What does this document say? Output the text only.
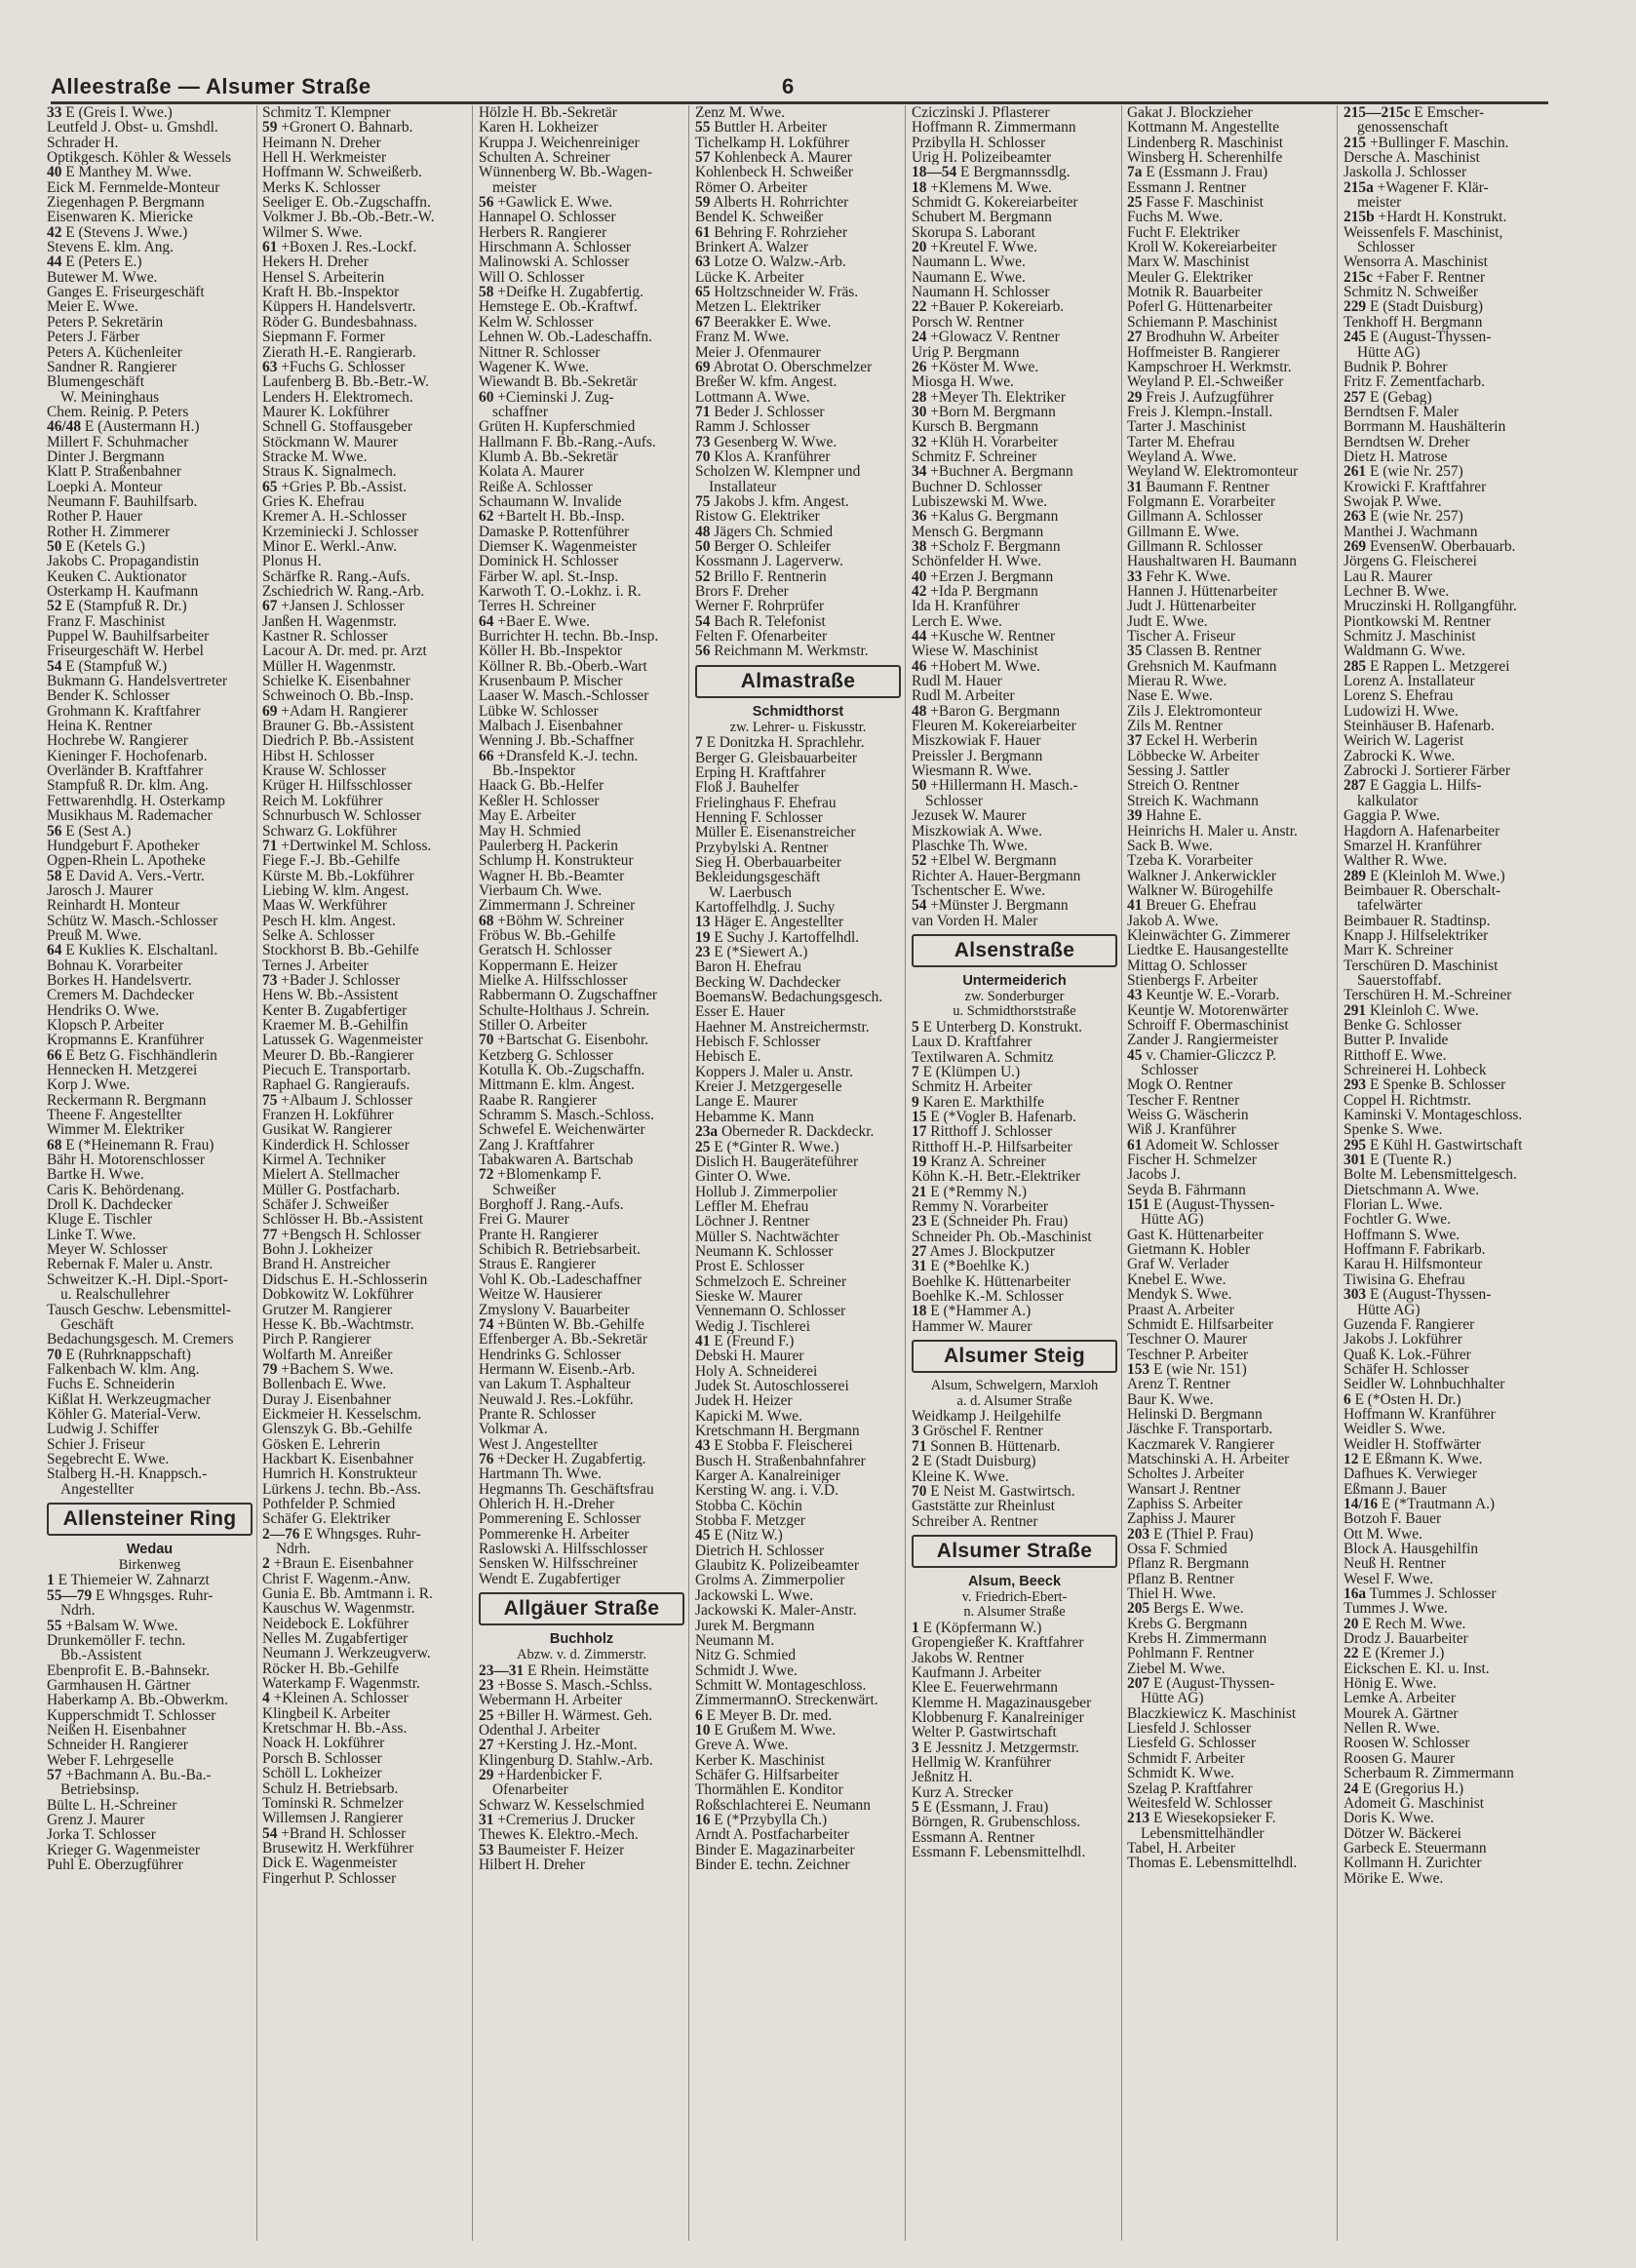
Alleestraße — Alsumer Straße	6
33 E (Greis I. Wwe.)
Leutfeld J. Obst- u. Gmshdl.
Schrader H.
Optikgesch. Köhler & Wessels
40 E Manthey M. Wwe.
Eick M. Fernmelde-Monteur
Ziegenhagen P. Bergmann
Eisenwaren K. Miericke
42 E (Stevens J. Wwe.)
Stevens E. klm. Ang.
44 E (Peters E.)
Butewer M. Wwe.
Ganges E. Friseurgeschäft
Meier E. Wwe.
Peters P. Sekretärin
Peters J. Färber
Peters A. Küchenleiter
Sandner R. Rangierer
Blumengeschäft
W. Meininghaus
Chem. Reinig. P. Peters
46/48 E (Austermann H.)
Millert F. Schuhmacher
Dinter J. Bergmann
Klatt P. Straßenbahner
Loepki A. Monteur
Neumann F. Bauhilfsarb.
Rother P. Hauer
Rother H. Zimmerer
50 E (Ketels G.)
Jakobs C. Propagandistin
Keuken C. Auktionator
Osterkamp H. Kaufmann
52 E (Stampfuß R. Dr.)
Franz F. Maschinist
Puppel W. Bauhilfsarbeiter
Friseurgeschäft W. Herbel
54 E (Stampfuß W.)
Bukmann G. Handelsvertreter
Bender K. Schlosser
Grohmann K. Kraftfahrer
Heina K. Rentner
Hochrebe W. Rangierer
Kieninger F. Hochofenarb.
Overländer B. Kraftfahrer
Stampfuß R. Dr. klm. Ang.
Fettwarenhdlg. H. Osterkamp
Musikhaus M. Rademacher
56 E (Sest A.)
Hundgeburt F. Apotheker
Ogpen-Rhein L. Apotheke
58 E David A. Vers.-Vertr.
Jarosch J. Maurer
Reinhardt H. Monteur
Schütz W. Masch.-Schlosser
Preuß M. Wwe.
64 E Kuklies K. Elschaltanl.
Bohnau K. Vorarbeiter
Borkes H. Handelsvertr.
Cremers M. Dachdecker
Hendriks O. Wwe.
Klopsch P. Arbeiter
Kropmanns E. Kranführer
66 E Betz G. Fischhändlerin
Hennecken H. Metzgerei
Korp J. Wwe.
Reckermann R. Bergmann
Theene F. Angestellter
Wimmer M. Elektriker
68 E (*Heinemann R. Frau)
Bähr H. Motorenschlosser
Bartke H. Wwe.
Caris K. Behördenang.
Droll K. Dachdecker
Kluge E. Tischler
Linke T. Wwe.
Meyer W. Schlosser
Rebernak F. Maler u. Anstr.
Schweitzer K.-H. Dipl.-Sport-
u. Realschullehrer
Tausch Geschw. Lebensmittel-
Geschäft
Bedachungsgesch. M. Cremers
70 E (Ruhrknappschaft)
Falkenbach W. klm. Ang.
Fuchs E. Schneiderin
Kißlat H. Werkzeugmacher
Köhler G. Material-Verw.
Ludwig J. Schiffer
Schier J. Friseur
Segebrecht E. Wwe.
Stalberg H.-H. Knappsch.-
Angestellter
Allensteiner Ring
Wedau
Birkenweg
1 E Thiemeier W. Zahnarzt
55—79 E Whngsges. Ruhr-
Ndrh.
55 +Balsam W. Wwe.
Drunkemöller F. techn.
Bb.-Assistent
Ebenprofit E. B.-Bahnsekr.
Garmhausen H. Gärtner
Haberkamp A. Bb.-Obwerkm.
Kupperschmidt T. Schlosser
Neißen H. Eisenbahner
Schneider H. Rangierer
Weber F. Lehrgeselle
57 +Bachmann A. Bu.-Ba.-
Betriebsinsp.
Bülte L. H.-Schreiner
Grenz J. Maurer
Jorka T. Schlosser
Krieger G. Wagenmeister
Puhl E. Oberzugführer
Schmitz T. Klempner
59 +Gronert O. Bahnarb.
Heimann N. Dreher
Hell H. Werkmeister
Hoffmann W. Schweißerb.
Merks K. Schlosser
Seeliger E. Ob.-Zugschaffn.
Volkmer J. Bb.-Ob.-Betr.-W.
Wilmer S. Wwe.
61 +Boxen J. Res.-Lockf.
Hekers H. Dreher
Hensel S. Arbeiterin
Kraft H. Bb.-Inspektor
Küppers H. Handelsvertr.
Röder G. Bundesbahnass.
Siepmann F. Former
Zierath H.-E. Rangierarb.
63 +Fuchs G. Schlosser
Laufenberg B. Bb.-Betr.-W.
Lenders H. Elektromech.
Maurer K. Lokführer
Schnell G. Stoffausgeber
Stöckmann W. Maurer
Stracke M. Wwe.
Straus K. Signalmech.
65 +Gries P. Bb.-Assist.
Gries K. Ehefrau
Kremer A. H.-Schlosser
Krzeminiecki J. Schlosser
Minor E. Werkl.-Anw.
Plonus H.
Schärfke R. Rang.-Aufs.
Zschiedrich W. Rang.-Arb.
67 +Jansen J. Schlosser
Janßen H. Wagenmstr.
Kastner R. Schlosser
Lacour A. Dr. med. pr. Arzt
Müller H. Wagenmstr.
Schielke K. Eisenbahner
Schweinoch O. Bb.-Insp.
69 +Adam H. Rangierer
Brauner G. Bb.-Assistent
Diedrich P. Bb.-Assistent
Hibst H. Schlosser
Krause W. Schlosser
Krüger H. Hilfsschlosser
Reich M. Lokführer
Schnurbusch W. Schlosser
Schwarz G. Lokführer
71 +Dertwinkel M. Schloss.
Fiege F.-J. Bb.-Gehilfe
Kürste M. Bb.-Lokführer
Liebing W. klm. Angest.
Maas W. Werkführer
Pesch H. klm. Angest.
Selke A. Schlosser
Stockhorst B. Bb.-Gehilfe
Ternes J. Arbeiter
73 +Bader J. Schlosser
Hens W. Bb.-Assistent
Kenter B. Zugabfertiger
Kraemer M. B.-Gehilfin
Latussek G. Wagenmeister
Meurer D. Bb.-Rangierer
Piecuch E. Transportarb.
Raphael G. Rangieraufs.
75 +Albaum J. Schlosser
Franzen H. Lokführer
Gusikat W. Rangierer
Kinderdick H. Schlosser
Kirmel A. Techniker
Mielert A. Stellmacher
Müller G. Postfacharb.
Schäfer J. Schweißer
Schlösser H. Bb.-Assistent
77 +Bengsch H. Schlosser
Bohn J. Lokheizer
Brand H. Anstreicher
Didschus E. H.-Schlosserin
Dobkowitz W. Lokführer
Grutzer M. Rangierer
Hesse K. Bb.-Wachtmstr.
Pirch P. Rangierer
Wolfarth M. Anreißer
79 +Bachem S. Wwe.
Bollenbach E. Wwe.
Duray J. Eisenbahner
Eickmeier H. Kesselschm.
Glenszyk G. Bb.-Gehilfe
Gösken E. Lehrerin
Hackbart K. Eisenbahner
Humrich H. Konstrukteur
Lürkens J. techn. Bb.-Ass.
Pothfelder P. Schmied
Schäfer G. Elektriker
2—76 E Whngsges. Ruhr-
Ndrh.
2 +Braun E. Eisenbahner
Christ F. Wagenm.-Anw.
Gunia E. Bb. Amtmann i. R.
Kauschus W. Wagenmstr.
Neidebock E. Lokführer
Nelles M. Zugabfertiger
Neumann J. Werkzeugverw.
Röcker H. Bb.-Gehilfe
Waterkamp F. Wagenmstr.
4 +Kleinen A. Schlosser
Klingbeil K. Arbeiter
Kretschmar H. Bb.-Ass.
Noack H. Lokführer
Porsch B. Schlosser
Schöll L. Lokheizer
Schulz H. Betriebsarb.
Tominski R. Schmelzer
Willemsen J. Rangierer
54 +Brand H. Schlosser
Brusewitz H. Werkführer
Dick E. Wagenmeister
Fingerhut P. Schlosser
Hölzle H. Bb.-Sekretär
Karen H. Lokheizer
Kruppa J. Weichenreiniger
Schulten A. Schreiner
Wünnenberg W. Bb.-Wagen-
meister
56 +Gawlick E. Wwe.
Hannapel O. Schlosser
Herbers R. Rangierer
Hirschmann A. Schlosser
Malinowski A. Schlosser
Will O. Schlosser
58 +Deifke H. Zugabfertig.
Hemstege E. Ob.-Kraftwf.
Kelm W. Schlosser
Lehnen W. Ob.-Ladeschaffn.
Nittner R. Schlosser
Wagener K. Wwe.
Wiewandt B. Bb.-Sekretär
60 +Cieminski J. Zug-
schaffner
Grüten H. Kupferschmied
Hallmann F. Bb.-Rang.-Aufs.
Klumb A. Bb.-Sekretär
Kolata A. Maurer
Reiße A. Schlosser
Schaumann W. Invalide
62 +Bartelt H. Bb.-Insp.
Damaske P. Rottenführer
Diemser K. Wagenmeister
Dominick H. Schlosser
Färber W. apl. St.-Insp.
Karwoth T. O.-Lokhz. i. R.
Terres H. Schreiner
64 +Baer E. Wwe.
Burrichter H. techn. Bb.-Insp.
Köller H. Bb.-Inspektor
Köllner R. Bb.-Oberb.-Wart
Krusenbaum P. Mischer
Laaser W. Masch.-Schlosser
Lübke W. Schlosser
Malbach J. Eisenbahner
Wenning J. Bb.-Schaffner
66 +Dransfeld K.-J. techn.
Bb.-Inspektor
Haack G. Bb.-Helfer
Keßler H. Schlosser
May E. Arbeiter
May H. Schmied
Paulerberg H. Packerin
Schlump H. Konstrukteur
Wagner H. Bb.-Beamter
Vierbaum Ch. Wwe.
Zimmermann J. Schreiner
68 +Böhm W. Schreiner
Fröbus W. Bb.-Gehilfe
Geratsch H. Schlosser
Koppermann E. Heizer
Mielke A. Hilfsschlosser
Rabbermann O. Zugschaffner
Schulte-Holthaus J. Schrein.
Stiller O. Arbeiter
70 +Bartschat G. Eisenbohr.
Ketzberg G. Schlosser
Kotulla K. Ob.-Zugschaffn.
Mittmann E. klm. Angest.
Raabe R. Rangierer
Schramm S. Masch.-Schloss.
Schwefel E. Weichenwärter
Zang J. Kraftfahrer
Tabakwaren A. Bartschab
72 +Blomenkamp F.
Schweißer
Borghoff J. Rang.-Aufs.
Frei G. Maurer
Prante H. Rangierer
Schibich R. Betriebsarbeit.
Straus E. Rangierer
Vohl K. Ob.-Ladeschaffner
Weitze W. Hausierer
Zmyslony V. Bauarbeiter
74 +Bünten W. Bb.-Gehilfe
Effenberger A. Bb.-Sekretär
Hendrinks G. Schlosser
Hermann W. Eisenb.-Arb.
van Lakum T. Asphalteur
Neuwald J. Res.-Lokführ.
Prante R. Schlosser
Volkmar A.
West J. Angestellter
76 +Decker H. Zugabfertig.
Hartmann Th. Wwe.
Hegmanns Th. Geschäftsfrau
Ohlerich H. H.-Dreher
Pommerening E. Schlosser
Pommerenke H. Arbeiter
Raslowski A. Hilfsschlosser
Sensken W. Hilfsschreiner
Wendt E. Zugabfertiger
Allgäuer Straße
Buchholz
Abzw. v. d. Zimmerstr.
23—31 E Rhein. Heimstätte
23 +Bosse S. Masch.-Schlss.
Webermann H. Arbeiter
25 +Biller H. Wärmest. Geh.
Odenthal J. Arbeiter
27 +Kersting J. Hz.-Mont.
Klingenburg D. Stahlw.-Arb.
29 +Hardenbicker F.
Ofenarbeiter
Schwarz W. Kesselschmied
31 +Cremerius J. Drucker
Thewes K. Elektro.-Mech.
53 Baumeister F. Heizer
Hilbert H. Dreher
Zenz M. Wwe.
55 Buttler H. Arbeiter
Tichelkamp H. Lokführer
57 Kohlenbeck A. Maurer
Kohlenbeck H. Schweißer
Römer O. Arbeiter
59 Alberts H. Rohrrichter
Bendel K. Schweißer
61 Behring F. Rohrzieher
Brinkert A. Walzer
63 Lotze O. Walzw.-Arb.
Lücke K. Arbeiter
65 Holtzschneider W. Fräs.
Metzen L. Elektriker
67 Beerakker E. Wwe.
Franz M. Wwe.
Meier J. Ofenmaurer
69 Abrotat O. Oberschmelzer
Breßer W. kfm. Angest.
Lottmann A. Wwe.
71 Beder J. Schlosser
Ramm J. Schlosser
73 Gesenberg W. Wwe.
70 Klos A. Kranführer
Scholzen W. Klempner und
Installateur
75 Jakobs J. kfm. Angest.
Ristow G. Elektriker
48 Jägers Ch. Schmied
50 Berger O. Schleifer
Kossmann J. Lagerverw.
52 Brillo F. Rentnerin
Brors F. Dreher
Werner F. Rohrprüfer
54 Bach R. Telefonist
Felten F. Ofenarbeiter
56 Reichmann M. Werkmstr.
Almastraße
Schmidthorst
zw. Lehrer- u. Fiskusstr.
7 E Donitzka H. Sprachlehr.
Berger G. Gleisbauarbeiter
Erping H. Kraftfahrer
Floß J. Bauhelfer
Frielinghaus F. Ehefrau
Henning F. Schlosser
Müller E. Eisenanstreicher
Przybylski A. Rentner
Sieg H. Oberbauarbeiter
Bekleidungsgeschäft
W. Laerbusch
Kartoffelhdlg. J. Suchy
13 Häger E. Angestellter
19 E Suchy J. Kartoffelhdl.
23 E (*Siewert A.)
Baron H. Ehefrau
Becking W. Dachdecker
BoemansW. Bedachungsgesch.
Esser E. Hauer
Haehner M. Anstreichermstr.
Hebisch F. Schlosser
Hebisch E.
Koppers J. Maler u. Anstr.
Kreier J. Metzgergeselle
Lange E. Maurer
Hebamme K. Mann
23a Oberneder R. Dackdeckr.
25 E (*Ginter R. Wwe.)
Dislich H. Baugeräteführer
Ginter O. Wwe.
Hollub J. Zimmerpolier
Leffler M. Ehefrau
Löchner J. Rentner
Müller S. Nachtwächter
Neumann K. Schlosser
Prost E. Schlosser
Schmelzoch E. Schreiner
Sieske W. Maurer
Vennemann O. Schlosser
Wedig J. Tischlerei
41 E (Freund F.)
Debski H. Maurer
Holy A. Schneiderei
Judek St. Autoschlosserei
Judek H. Heizer
Kapicki M. Wwe.
Kretschmann H. Bergmann
43 E Stobba F. Fleischerei
Busch H. Straßenbahnfahrer
Karger A. Kanalreiniger
Kersting W. ang. i. V.D.
Stobba C. Köchin
Stobba F. Metzger
45 E (Nitz W.)
Dietrich H. Schlosser
Glaubitz K. Polizeibeamter
Grolms A. Zimmerpolier
Jackowski L. Wwe.
Jackowski K. Maler-Anstr.
Jurek M. Bergmann
Neumann M.
Nitz G. Schmied
Schmidt J. Wwe.
Schmitt W. Montageschloss.
ZimmermannO. Streckenwärt.
6 E Meyer B. Dr. med.
10 E Grußem M. Wwe.
Greve A. Wwe.
Kerber K. Maschinist
Schäfer G. Hilfsarbeiter
Thormählen E. Konditor
Roßschlachterei E. Neumann
16 E (*Przybylla Ch.)
Arndt A. Postfacharbeiter
Binder E. Magazinarbeiter
Binder E. techn. Zeichner
Cziczinski J. Pflasterer
Hoffmann R. Zimmermann
Przibylla H. Schlosser
Urig H. Polizeibeamter
18—54 E Bergmannssdlg.
18 +Klemens M. Wwe.
Schmidt G. Kokereiarbeiter
Schubert M. Bergmann
Skorupa S. Laborant
20 +Kreutel F. Wwe.
Naumann L. Wwe.
Naumann E. Wwe.
Naumann H. Schlosser
22 +Bauer P. Kokereiarb.
Porsch W. Rentner
24 +Glowacz V. Rentner
Urig P. Bergmann
26 +Köster M. Wwe.
Miosga H. Wwe.
28 +Meyer Th. Elektriker
30 +Born M. Bergmann
Kursch B. Bergmann
32 +Klüh H. Vorarbeiter
Schmitz F. Schreiner
34 +Buchner A. Bergmann
Buchner D. Schlosser
Lubiszewski M. Wwe.
36 +Kalus G. Bergmann
Mensch G. Bergmann
38 +Scholz F. Bergmann
Schönfelder H. Wwe.
40 +Erzen J. Bergmann
42 +Ida P. Bergmann
Ida H. Kranführer
Lerch E. Wwe.
44 +Kusche W. Rentner
Wiese W. Maschinist
46 +Hobert M. Wwe.
Rudl M. Hauer
Rudl M. Arbeiter
48 +Baron G. Bergmann
Fleuren M. Kokereiarbeiter
Miszkowiak F. Hauer
Preissler J. Bergmann
Wiesmann R. Wwe.
50 +Hillermann H. Masch.-
Schlosser
Jezusek W. Maurer
Miszkowiak A. Wwe.
Plaschke Th. Wwe.
52 +Elbel W. Bergmann
Richter A. Hauer-Bergmann
Tschentscher E. Wwe.
54 +Münster J. Bergmann
van Vorden H. Maler
Alsenstraße
Untermeiderich
zw. Sonderburger
u. Schmidthorststraße
5 E Unterberg D. Konstrukt.
Laux D. Kraftfahrer
Textilwaren A. Schmitz
7 E (Klümpen U.)
Schmitz H. Arbeiter
9 Karen E. Markthilfe
15 E (*Vogler B. Hafenarb.
17 Ritthoff J. Schlosser
Ritthoff H.-P. Hilfsarbeiter
19 Kranz A. Schreiner
Köhn K.-H. Betr.-Elektriker
21 E (*Remmy N.)
Remmy N. Vorarbeiter
23 E (Schneider Ph. Frau)
Schneider Ph. Ob.-Maschinist
27 Ames J. Blockputzer
31 E (*Boehlke K.)
Boehlke K. Hüttenarbeiter
Boehlke K.-M. Schlosser
18 E (*Hammer A.)
Hammer W. Maurer
Alsumer Steig
Alsum, Schwelgern, Marxloh
a. d. Alsumer Straße
Weidkamp J. Heilgehilfe
3 Gröschel F. Rentner
71 Sonnen B. Hüttenarb.
2 E (Stadt Duisburg)
Kleine K. Wwe.
70 E Neist M. Gastwirtsch.
Gaststätte zur Rheinlust
Schreiber A. Rentner
Alsumer Straße
Alsum, Beeck
v. Friedrich-Ebert-
n. Alsumer Straße
1 E (Köpfermann W.)
Gropengießer K. Kraftfahrer
Jakobs W. Rentner
Kaufmann J. Arbeiter
Klee E. Feuerwehrmann
Klemme H. Magazinausgeber
Klobbenurg F. Kanalreiniger
Welter P. Gastwirtschaft
3 E Jessnitz J. Metzgermstr.
Hellmig W. Kranführer
Jeßnitz H.
Kurz A. Strecker
5 E (Essmann, J. Frau)
Börngen, R. Grubenschloss.
Essmann A. Rentner
Essmann F. Lebensmittelhdl.
Gakat J. Blockzieher
Kottmann M. Angestellte
Lindenberg R. Maschinist
Winsberg H. Scherenhilfe
7a E (Essmann J. Frau)
Essmann J. Rentner
25 Fasse F. Maschinist
Fuchs M. Wwe.
Fucht F. Elektriker
Kroll W. Kokereiarbeiter
Marx W. Maschinist
Meuler G. Elektriker
Motnik R. Bauarbeiter
Poferl G. Hüttenarbeiter
Schiemann P. Maschinist
27 Brodhuhn W. Arbeiter
Hoffmeister B. Rangierer
Kampschroer H. Werkmstr.
Weyland P. El.-Schweißer
29 Freis J. Aufzugführer
Freis J. Klempn.-Install.
Tarter J. Maschinist
Tarter M. Ehefrau
Weyland A. Wwe.
Weyland W. Elektromonteur
31 Baumann F. Rentner
Folgmann E. Vorarbeiter
Gillmann A. Schlosser
Gillmann E. Wwe.
Gillmann R. Schlosser
Haushaltwaren H. Baumann
33 Fehr K. Wwe.
Hannen J. Hüttenarbeiter
Judt J. Hüttenarbeiter
Judt E. Wwe.
Tischer A. Friseur
35 Classen B. Rentner
Grehsnich M. Kaufmann
Mierau R. Wwe.
Nase E. Wwe.
Zils J. Elektromonteur
Zils M. Rentner
37 Eckel H. Werberin
Löbbecke W. Arbeiter
Sessing J. Sattler
Streich O. Rentner
Streich K. Wachmann
39 Hahne E.
Heinrichs H. Maler u. Anstr.
Sack B. Wwe.
Tzeba K. Vorarbeiter
Walkner J. Ankerwickler
Walkner W. Bürogehilfe
41 Breuer G. Ehefrau
Jakob A. Wwe.
Kleinwächter G. Zimmerer
Liedtke E. Hausangestellte
Mittag O. Schlosser
Stienbergs F. Arbeiter
43 Keuntje W. E.-Vorarb.
Keuntje W. Motorenwärter
Schroiff F. Obermaschinist
Zander J. Rangiermeister
45 v. Chamier-Gliczcz P.
Schlosser
Mogk O. Rentner
Tescher F. Rentner
Weiss G. Wäscherin
Wiß J. Kranführer
61 Adomeit W. Schlosser
Fischer H. Schmelzer
Jacobs J.
Seyda B. Fährmann
151 E (August-Thyssen-
Hütte AG)
Gast K. Hüttenarbeiter
Gietmann K. Hobler
Graf W. Verlader
Knebel E. Wwe.
Mendyk S. Wwe.
Praast A. Arbeiter
Schmidt E. Hilfsarbeiter
Teschner O. Maurer
Teschner P. Arbeiter
153 E (wie Nr. 151)
Arenz T. Rentner
Baur K. Wwe.
Helinski D. Bergmann
Jäschke F. Transportarb.
Kaczmarek V. Rangierer
Matschinski A. H. Arbeiter
Scholtes J. Arbeiter
Wansart J. Rentner
Zaphiss S. Arbeiter
Zaphiss J. Maurer
203 E (Thiel P. Frau)
Ossa F. Schmied
Pflanz R. Bergmann
Pflanz B. Rentner
Thiel H. Wwe.
205 Bergs E. Wwe.
Krebs G. Bergmann
Krebs H. Zimmermann
Pohlmann F. Rentner
Ziebel M. Wwe.
207 E (August-Thyssen-
Hütte AG)
Blaczkiewicz K. Maschinist
Liesfeld J. Schlosser
Liesfeld G. Schlosser
Schmidt F. Arbeiter
Schmidt K. Wwe.
Szelag P. Kraftfahrer
Weitesfeld W. Schlosser
213 E Wiesekopsieker F.
Lebensmittelhändler
Tabel, H. Arbeiter
Thomas E. Lebensmittelhdl.
215—215c E Emscher-
genossenschaft
215 +Bullinger F. Maschin.
Dersche A. Maschinist
Jaskolla J. Schlosser
215a +Wagener F. Klär-
meister
215b +Hardt H. Konstrukt.
Weissenfels F. Maschinist,
Schlosser
Wensorra A. Maschinist
215c +Faber F. Rentner
Schmitz N. Schweißer
229 E (Stadt Duisburg)
Tenkhoff H. Bergmann
245 E (August-Thyssen-
Hütte AG)
Budnik P. Bohrer
Fritz F. Zementfacharb.
257 E (Gebag)
Berndtsen F. Maler
Borrmann M. Haushälterin
Berndtsen W. Dreher
Dietz H. Matrose
261 E (wie Nr. 257)
Krowicki F. Kraftfahrer
Swojak P. Wwe.
263 E (wie Nr. 257)
Manthei J. Wachmann
269 EvensenW. Oberbauarb.
Jörgens G. Fleischerei
Lau R. Maurer
Lechner B. Wwe.
Mruczinski H. Rollgangführ.
Piontkowski M. Rentner
Schmitz J. Maschinist
Waldmann G. Wwe.
285 E Rappen L. Metzgerei
Lorenz A. Installateur
Lorenz S. Ehefrau
Ludowizi H. Wwe.
Steinhäuser B. Hafenarb.
Weirich W. Lagerist
Zabrocki K. Wwe.
Zabrocki J. Sortierer Färber
287 E Gaggia L. Hilfs-
kalkulator
Gaggia P. Wwe.
Hagdorn A. Hafenarbeiter
Smarzel H. Kranführer
Walther R. Wwe.
289 E (Kleinloh M. Wwe.)
Beimbauer R. Oberschalt-
tafelwärter
Beimbauer R. Stadtinsp.
Knapp J. Hilfselektriker
Marr K. Schreiner
Terschüren D. Maschinist
Sauerstoffabf.
Terschüren H. M.-Schreiner
291 Kleinloh C. Wwe.
Benke G. Schlosser
Butter P. Invalide
Ritthoff E. Wwe.
Schreinerei H. Lohbeck
293 E Spenke B. Schlosser
Coppel H. Richtmstr.
Kaminski V. Montageschloss.
Spenke S. Wwe.
295 E Kühl H. Gastwirtschaft
301 E (Tuente R.)
Bolte M. Lebensmittelgesch.
Dietschmann A. Wwe.
Florian L. Wwe.
Fochtler G. Wwe.
Hoffmann S. Wwe.
Hoffmann F. Fabrikarb.
Karau H. Hilfsmonteur
Tiwisina G. Ehefrau
303 E (August-Thyssen-
Hütte AG)
Guzenda F. Rangierer
Jakobs J. Lokführer
Quaß K. Lok.-Führer
Schäfer H. Schlosser
Seidler W. Lohnbuchhalter
6 E (*Osten H. Dr.)
Hoffmann W. Kranführer
Weidler S. Wwe.
Weidler H. Stoffwärter
12 E Eßmann K. Wwe.
Dafhues K. Verwieger
Eßmann J. Bauer
14/16 E (*Trautmann A.)
Botzoh F. Bauer
Ott M. Wwe.
Block A. Hausgehilfin
Neuß H. Rentner
Wesel F. Wwe.
16a Tummes J. Schlosser
Tummes J. Wwe.
20 E Rech M. Wwe.
Drodz J. Bauarbeiter
22 E (Kremer J.)
Eickschen E. Kl. u. Inst.
Hönig E. Wwe.
Lemke A. Arbeiter
Mourek A. Gärtner
Nellen R. Wwe.
Roosen W. Schlosser
Roosen G. Maurer
Scherbaum R. Zimmermann
24 E (Gregorius H.)
Adomeit G. Maschinist
Doris K. Wwe.
Dötzer W. Bäckerei
Garbeck E. Steuermann
Kollmann H. Zurichter
Mörike E. Wwe.
